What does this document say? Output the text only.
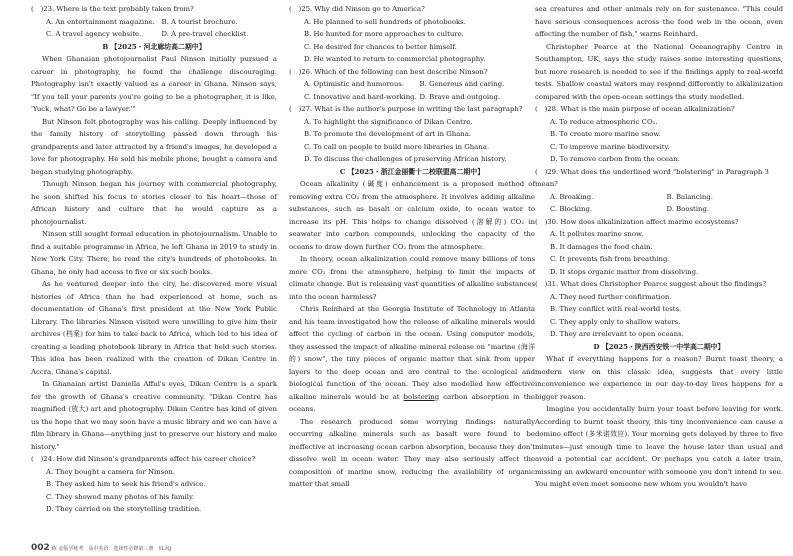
(　)23. Where is the text probably taken from?
A. An entertainment magazine. B. A tourist brochure.
C. A travel agency website.	D. A pre-travel checklist.
B 【2025・河北廊坊高二期中】

When Ghanaian photojournalist Paul Ninson initially pursued a career in photography, he found the challenge discouraging. Photography isn't exactly valued as a career in Ghana. Ninson says, "If you tell your parents you're going to be a photographer, it is like, 'Yuck, what? Go be a lawyer.'"

But Ninson felt photography was his calling. Deeply influenced by the family history of storytelling passed down through his grandparents and later attracted by a friend's images, he developed a love for photography. He sold his mobile phone, bought a camera and began studying photography.

Though Ninson began his journey with commercial photography, he soon shifted his focus to stories closer to his heart—those of African history and culture that he would capture as a photojournalist.

Ninson still sought formal education in photojournalism. Unable to find a suitable programme in Africa, he left Ghana in 2019 to study in New York City. There, he read the city's hundreds of photobooks. In Ghana, he only had access to five or six such books.

As he ventured deeper into the city, he discovered more visual histories of Africa than he had experienced at home, such as documentation of Ghana's first president at the New York Public Library. The libraries Ninson visited were unwilling to give him their archives (档案) for him to take back to Africa, which led to his idea of creating a leading photobook library in Africa that held such stories. This idea has been realized with the creation of Dikan Centre in Accra, Ghana's capital.

In Ghanaian artist Daniella Afful's eyes, Dikan Centre is a spark for the growth of Ghana's creative community. "Dikan Centre has magnified (放大) art and photography. Dikan Centre has kind of given us the hope that we may soon have a music library and we can have a film library in Ghana—anything just to preserve our history and make history."

(　)24. How did Ninson's grandparents affect his career choice?
A. They bought a camera for Ninson.
B. They asked him to seek his friend's advice.
C. They showed many photos of his family.
D. They carried on the storytelling tradition.
(　)25. Why did Ninson go to America?
A. He planned to sell hundreds of photobooks.
B. He hunted for more approaches to culture.
C. He desired for chances to better himself.
D. He wanted to return to commercial photography.
(　)26. Which of the following can best describe Ninson?
A. Optimistic and humorous.	B. Generous and caring.
C. Innovative and hard-working. D. Brave and outgoing.
(　)27. What is the author's purpose in writing the last paragraph?
A. To highlight the significance of Dikan Centre.
B. To promote the development of art in Ghana.
C. To call on people to build more libraries in Ghana.
D. To discuss the challenges of preserving African history.
C 【2025・浙江金丽衢十二校联盟高二期中】

Ocean alkalinity (碱度) enhancement is a proposed method of removing extra CO₂ from the atmosphere. It involves adding alkaline substances, such as basalt or calcium oxide, to ocean water to increase its pH. This helps to change dissolved (溶解的) CO₂ in seawater into carbon compounds, unlocking the capacity of the oceans to draw down further CO₂ from the atmosphere.

In theory, ocean alkalinization could remove many billions of tons more CO₂ from the atmosphere, helping to limit the impacts of climate change. But is releasing vast quantities of alkaline substances into the ocean harmless?

Chris Reinhard at the Georgia Institute of Technology in Atlanta and his team investigated how the release of alkaline minerals would affect the cycling of carbon in the ocean. Using computer models, they assessed the impact of alkaline mineral release on "marine (海洋的) snow", the tiny pieces of organic matter that sink from upper layers to the deep ocean and are central to the ecological and biological function of the ocean. They also modelled how effective alkaline minerals would be at bolstering carbon absorption in the oceans.

The research produced some worrying findings: naturally occurring alkaline minerals such as basalt were found to be ineffective at increasing ocean carbon absorption, because they don't dissolve well in ocean water. They may also seriously affect the composition of marine snow, reducing the availability of organic matter that small

sea creatures and other animals rely on for sustenance. "This could have serious consequences across the food web in the ocean, even affecting the number of fish," warns Reinhard.

Christopher Pearce at the National Oceanography Centre in Southampton, UK, says the study raises some interesting questions, but more research is needed to see if the findings apply to real-world tests. Shallow coastal waters may respond differently to alkalinization compared with the open-ocean settings the study modelled.

(　)28. What is the main purpose of ocean alkalinization?
A. To reduce atmospheric CO₂.
B. To create more marine snow.
C. To improve marine biodiversity.
D. To remove carbon from the ocean.
(　)29. What does the underlined word "bolstering" in Paragraph 3
mean?
A. Breaking.	B. Balancing.
C. Blocking.	D. Boosting.
(　)30. How does alkalinization affect marine ecosystems?
A. It pollutes marine snow.
B. It damages the food chain.
C. It prevents fish from breathing.
D. It stops organic matter from dissolving.
(　)31. What does Christopher Pearce suggest about the findings?
A. They need further confirmation.
B. They conflict with real-world tests.
C. They apply only to shallow waters.
D. They are irrelevant to open oceans.
D 【2025・陕西西安铁一中学高二期中】

What if everything happens for a reason? Burnt toast theory, a modern view on this classic idea, suggests that every little inconvenience we experience in our day-to-day lives happens for a bigger reason.

Imagine you accidentally burn your toast before leaving for work. According to burnt toast theory, this tiny inconvenience can cause a domino effect (多米诺效应). Your morning gets delayed by three to five minutes—just enough time to leave the house later than usual and avoid a potential car accident. Or perhaps you catch a later train, missing an awkward encounter with someone you don't intend to see. You might even meet someone new whom you wouldn't have

002 练 金版学练考　高中英语　选择性必修第三册　YLNJ
